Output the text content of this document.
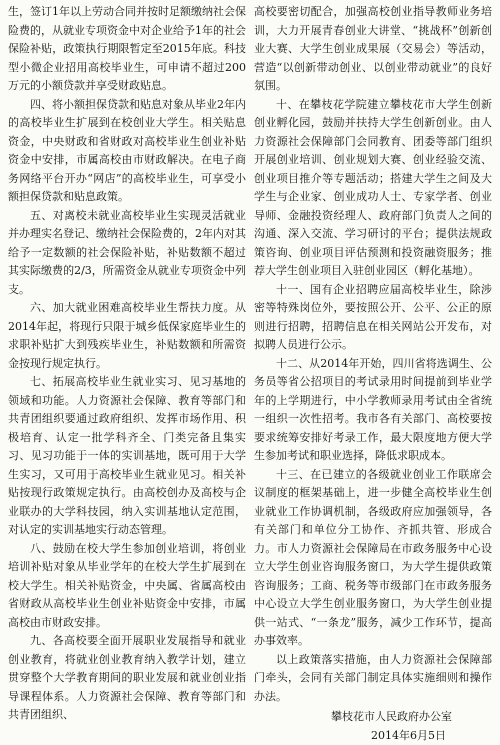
生，签订1年以上劳动合同并按时足额缴纳社会保险费的，从就业专项资金中对企业给予1年的社会保险补贴，政策执行期限暂定至2015年底。科技型小微企业招用高校毕业生，可申请不超过200万元的小额贷款并享受财政贴息。

四、将小额担保贷款和贴息对象从毕业2年内的高校毕业生扩展到在校创业大学生。相关贴息资金，中央财政和省财政对高校毕业生创业补贴资金中安排，市属高校由市财政解决。在电子商务网络平台开办“网店”的高校毕业生，可享受小额担保贷款和贴息政策。

五、对离校未就业高校毕业生实现灵活就业并办理实名登记、缴纳社会保险费的，2年内对其给予一定数额的社会保险补贴，补贴数额不超过其实际缴费的2/3，所需资金从就业专项资金中列支。

六、加大就业困难高校毕业生帮扶力度。从2014年起，将现行只限于城乡低保家庭毕业生的求职补贴扩大到残疾毕业生，补贴数额和所需资金按现行规定执行。

七、拓展高校毕业生就业实习、见习基地的领域和功能。人力资源社会保障、教育等部门和共青团组织要通过政府组织、发挥市场作用、积极培育、认定一批学科齐全、门类完备且集实习、见习功能于一体的实训基地，既可用于大学生实习，又可用于高校毕业生就业见习。相关补贴按现行政策规定执行。由高校创办及高校与企业联办的大学科技园，纳入实训基地认定范围，对认定的实训基地实行动态管理。

八、鼓励在校大学生参加创业培训，将创业培训补贴对象从毕业学年的在校大学生扩展到在校大学生。相关补贴资金，中央属、省属高校由省财政从高校毕业生创业补贴资金中安排，市属高校由市财政安排。

九、各高校要全面开展职业发展指导和就业创业教育，将就业创业教育纳入教学计划，建立贯穿整个大学教育期间的职业发展和就业创业指导课程体系。人力资源社会保障、教育等部门和共青团组织、

高校要密切配合，加强高校创业指导教师业务培训，大力开展青春创业大讲堂、“挑战杯”创新创业大赛、大学生创业成果展（交易会）等活动，营造“以创新带动创业、以创业带动就业”的良好氛围。

十、在攀枝花学院建立攀枝花市大学生创新创业孵化园，鼓励并扶持大学生创新创业。由人力资源社会保障部门会同教育、团委等部门组织开展创业培训、创业规划大赛、创业经验交流、创业项目推介等专题活动；搭建大学生之间及大学生与企业家、创业成功人士、专家学者、创业导师、金融投资经理人、政府部门负责人之间的沟通、深入交流、学习研讨的平台；提供法规政策咨询、创业项目评估预测和投资融资服务；推荐大学生创业项目入驻创业园区（孵化基地）。

十一、国有企业招聘应届高校毕业生，除涉密等特殊岗位外，要按照公开、公平、公正的原则进行招聘，招聘信息在相关网站公开发布，对拟聘人员进行公示。

十二、从2014年开始，四川省将选调生、公务员等省公招项目的考试录用时间提前到毕业学年的上学期进行，中小学教师录用考试由全省统一组织一次性招考。我市各有关部门、高校要按要求统筹安排好考录工作，最大限度地方便大学生参加考试和职业选择，降低求职成本。

十三、在已建立的各级就业创业工作联席会议制度的框架基础上，进一步健全高校毕业生创业就业工作协调机制，各级政府应加强领导，各有关部门和单位分工协作、齐抓共管、形成合力。市人力资源社会保障局在市政务服务中心设立大学生创业咨询服务窗口，为大学生提供政策咨询服务；工商、税务等市级部门在市政务服务中心设立大学生创业服务窗口，为大学生创业提供一站式、“一条龙”服务，减少工作环节，提高办事效率。

以上政策落实措施，由人力资源社会保障部门牵头，会同有关部门制定具体实施细则和操作办法。

攀枝花市人民政府办公室
2014年6月5日
